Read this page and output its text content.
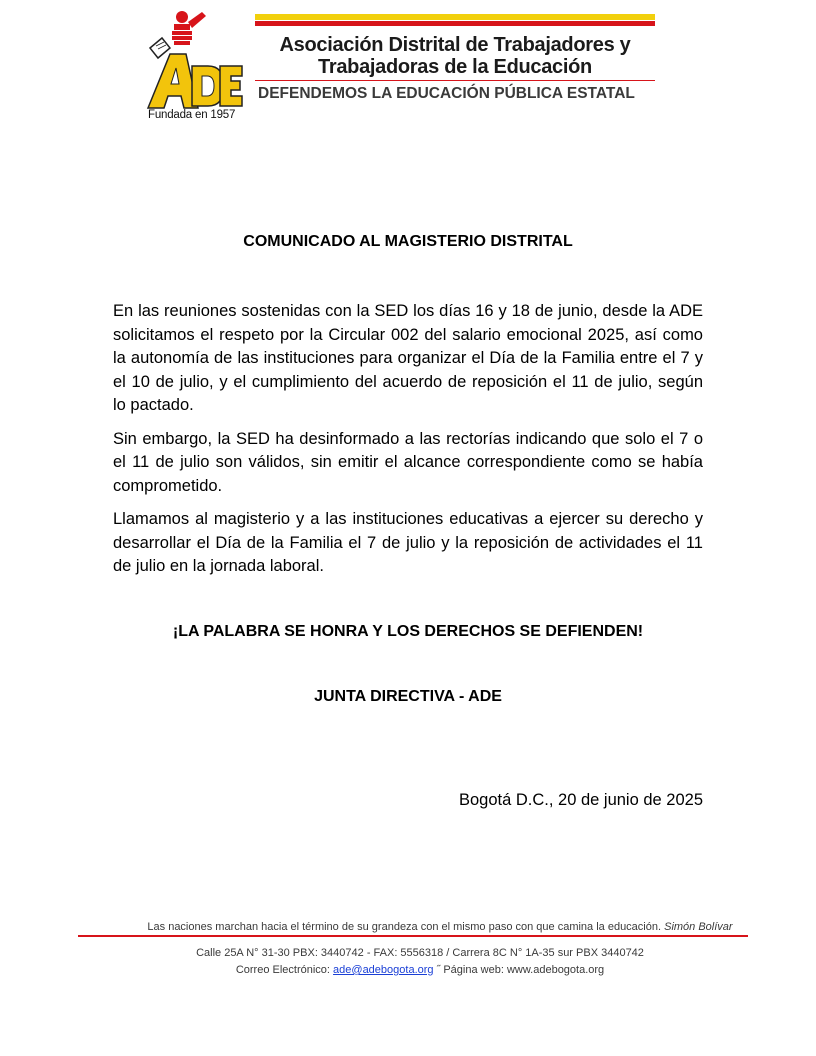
Fundada en 1957
Asociación Distrital de Trabajadores y
Trabajadoras de la Educación
DEFENDEMOS LA EDUCACIÓN PÚBLICA ESTATAL
COMUNICADO AL MAGISTERIO DISTRITAL

En las reuniones sostenidas con la SED los días 16 y 18 de junio, desde la ADE solicitamos el respeto por la Circular 002 del salario emocional 2025, así como la autonomía de las instituciones para organizar el Día de la Familia entre el 7 y el 10 de julio, y el cumplimiento del acuerdo de reposición el 11 de julio, según lo pactado.

Sin embargo, la SED ha desinformado a las rectorías indicando que solo el 7 o el 11 de julio son válidos, sin emitir el alcance correspondiente como se había comprometido.

Llamamos al magisterio y a las instituciones educativas a ejercer su derecho y desarrollar el Día de la Familia el 7 de julio y la reposición de actividades el 11 de julio en la jornada laboral.

¡LA PALABRA SE HONRA Y LOS DERECHOS SE DEFIENDEN!
JUNTA DIRECTIVA - ADE
Bogotá D.C., 20 de junio de 2025
Las naciones marchan hacia el término de su grandeza con el mismo paso con que camina la educación. Simón Bolívar
Calle 25A N° 31-30 PBX: 3440742 - FAX: 5556318 / Carrera 8C N° 1A-35 sur PBX 3440742
Correo Electrónico: ade@adebogota.org ˝ Página web: www.adebogota.org
